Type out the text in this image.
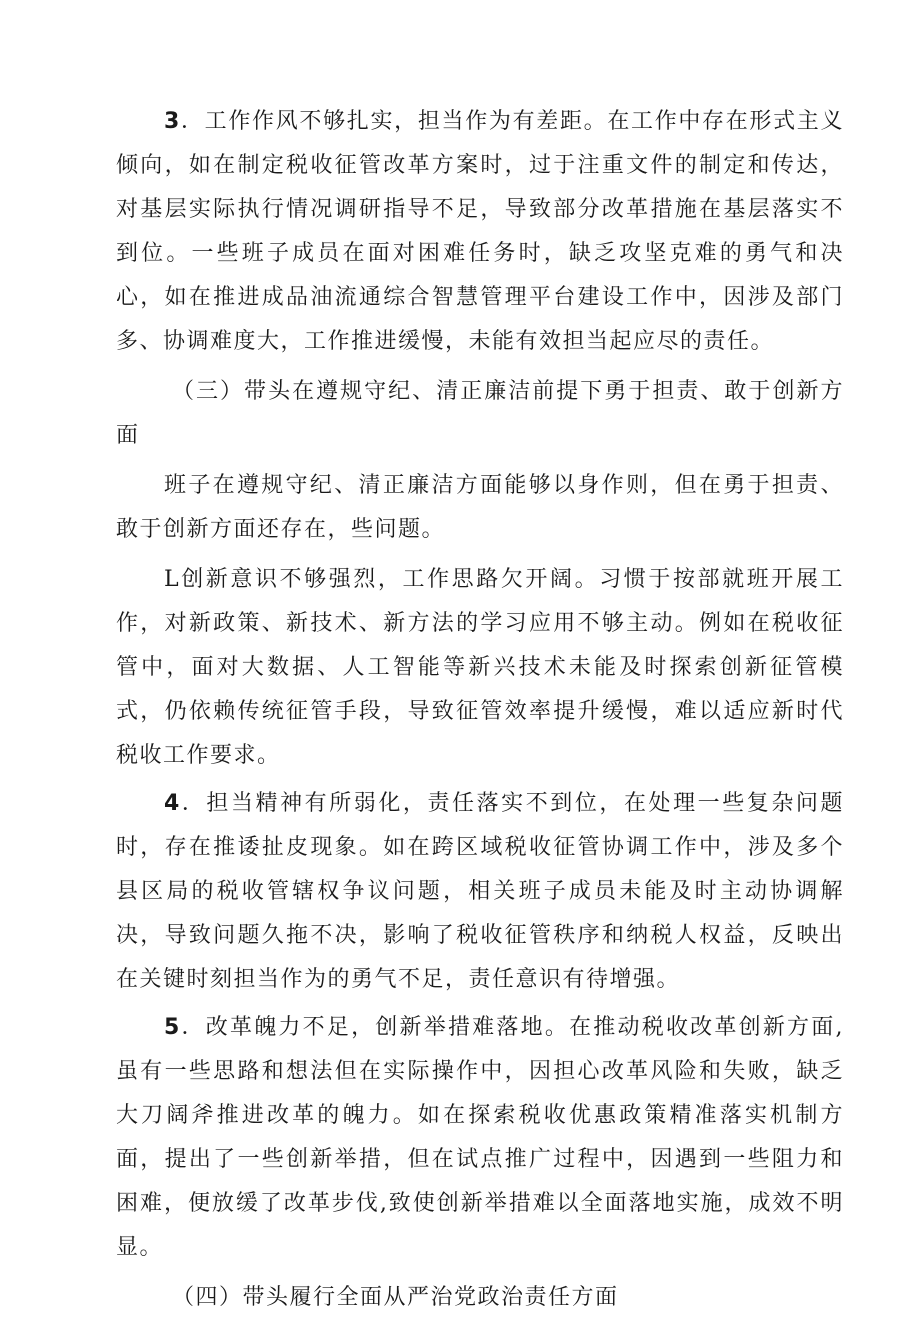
3．工作作风不够扎实，担当作为有差距。在工作中存在形式主义倾向，如在制定税收征管改革方案时，过于注重文件的制定和传达，对基层实际执行情况调研指导不足，导致部分改革措施在基层落实不到位。一些班子成员在面对困难任务时，缺乏攻坚克难的勇气和决心，如在推进成品油流通综合智慧管理平台建设工作中，因涉及部门多、协调难度大，工作推进缓慢，未能有效担当起应尽的责任。

（三）带头在遵规守纪、清正廉洁前提下勇于担责、敢于创新方面

班子在遵规守纪、清正廉洁方面能够以身作则，但在勇于担责、敢于创新方面还存在，些问题。

L创新意识不够强烈，工作思路欠开阔。习惯于按部就班开展工作，对新政策、新技术、新方法的学习应用不够主动。例如在税收征管中，面对大数据、人工智能等新兴技术未能及时探索创新征管模式，仍依赖传统征管手段，导致征管效率提升缓慢，难以适应新时代税收工作要求。

4．担当精神有所弱化，责任落实不到位，在处理一些复杂问题时，存在推诿扯皮现象。如在跨区域税收征管协调工作中，涉及多个县区局的税收管辖权争议问题，相关班子成员未能及时主动协调解决，导致问题久拖不决，影响了税收征管秩序和纳税人权益，反映出在关键时刻担当作为的勇气不足，责任意识有待增强。

5．改革魄力不足，创新举措难落地。在推动税收改革创新方面,虽有一些思路和想法但在实际操作中，因担心改革风险和失败，缺乏大刀阔斧推进改革的魄力。如在探索税收优惠政策精准落实机制方面，提出了一些创新举措，但在试点推广过程中，因遇到一些阻力和困难，便放缓了改革步伐,致使创新举措难以全面落地实施，成效不明显。

（四）带头履行全面从严治党政治责任方面
